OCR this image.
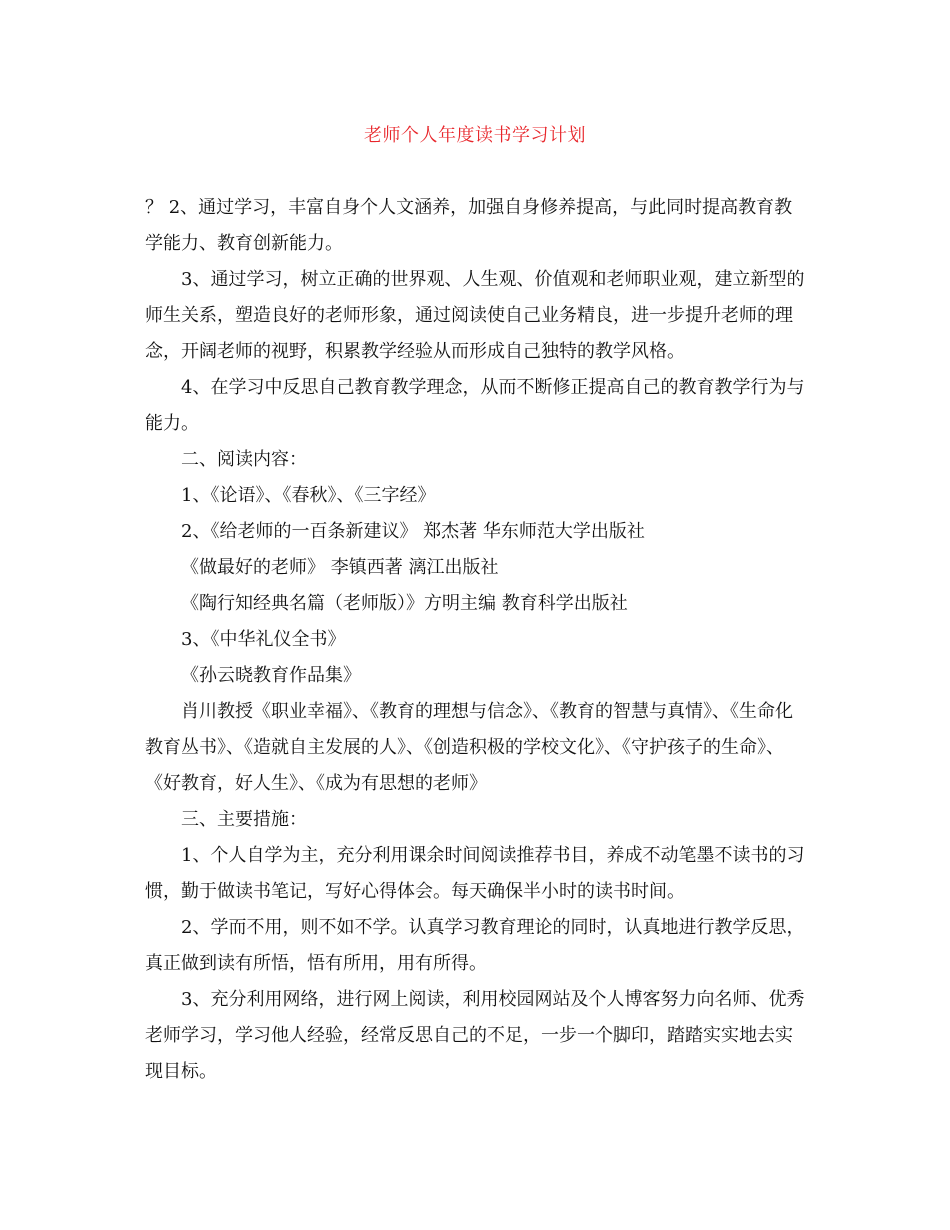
老师个人年度读书学习计划

？ 2、通过学习，丰富自身个人文涵养，加强自身修养提高，与此同时提高教育教学能力、教育创新能力。

3、通过学习，树立正确的世界观、人生观、价值观和老师职业观，建立新型的师生关系，塑造良好的老师形象，通过阅读使自己业务精良，进一步提升老师的理念，开阔老师的视野，积累教学经验从而形成自己独特的教学风格。

4、在学习中反思自己教育教学理念，从而不断修正提高自己的教育教学行为与能力。

二、阅读内容：

1、《论语》、《春秋》、《三字经》

2、《给老师的一百条新建议》 郑杰著 华东师范大学出版社

《做最好的老师》 李镇西著 漓江出版社

《陶行知经典名篇（老师版）》方明主编 教育科学出版社

3、《中华礼仪全书》

《孙云晓教育作品集》

肖川教授《职业幸福》、《教育的理想与信念》、《教育的智慧与真情》、《生命化教育丛书》、《造就自主发展的人》、《创造积极的学校文化》、《守护孩子的生命》、《好教育，好人生》、《成为有思想的老师》

三、主要措施：

1、个人自学为主，充分利用课余时间阅读推荐书目，养成不动笔墨不读书的习惯，勤于做读书笔记，写好心得体会。每天确保半小时的读书时间。

2、学而不用，则不如不学。认真学习教育理论的同时，认真地进行教学反思，真正做到读有所悟，悟有所用，用有所得。

3、充分利用网络，进行网上阅读，利用校园网站及个人博客努力向名师、优秀老师学习，学习他人经验，经常反思自己的不足，一步一个脚印，踏踏实实地去实现目标。
